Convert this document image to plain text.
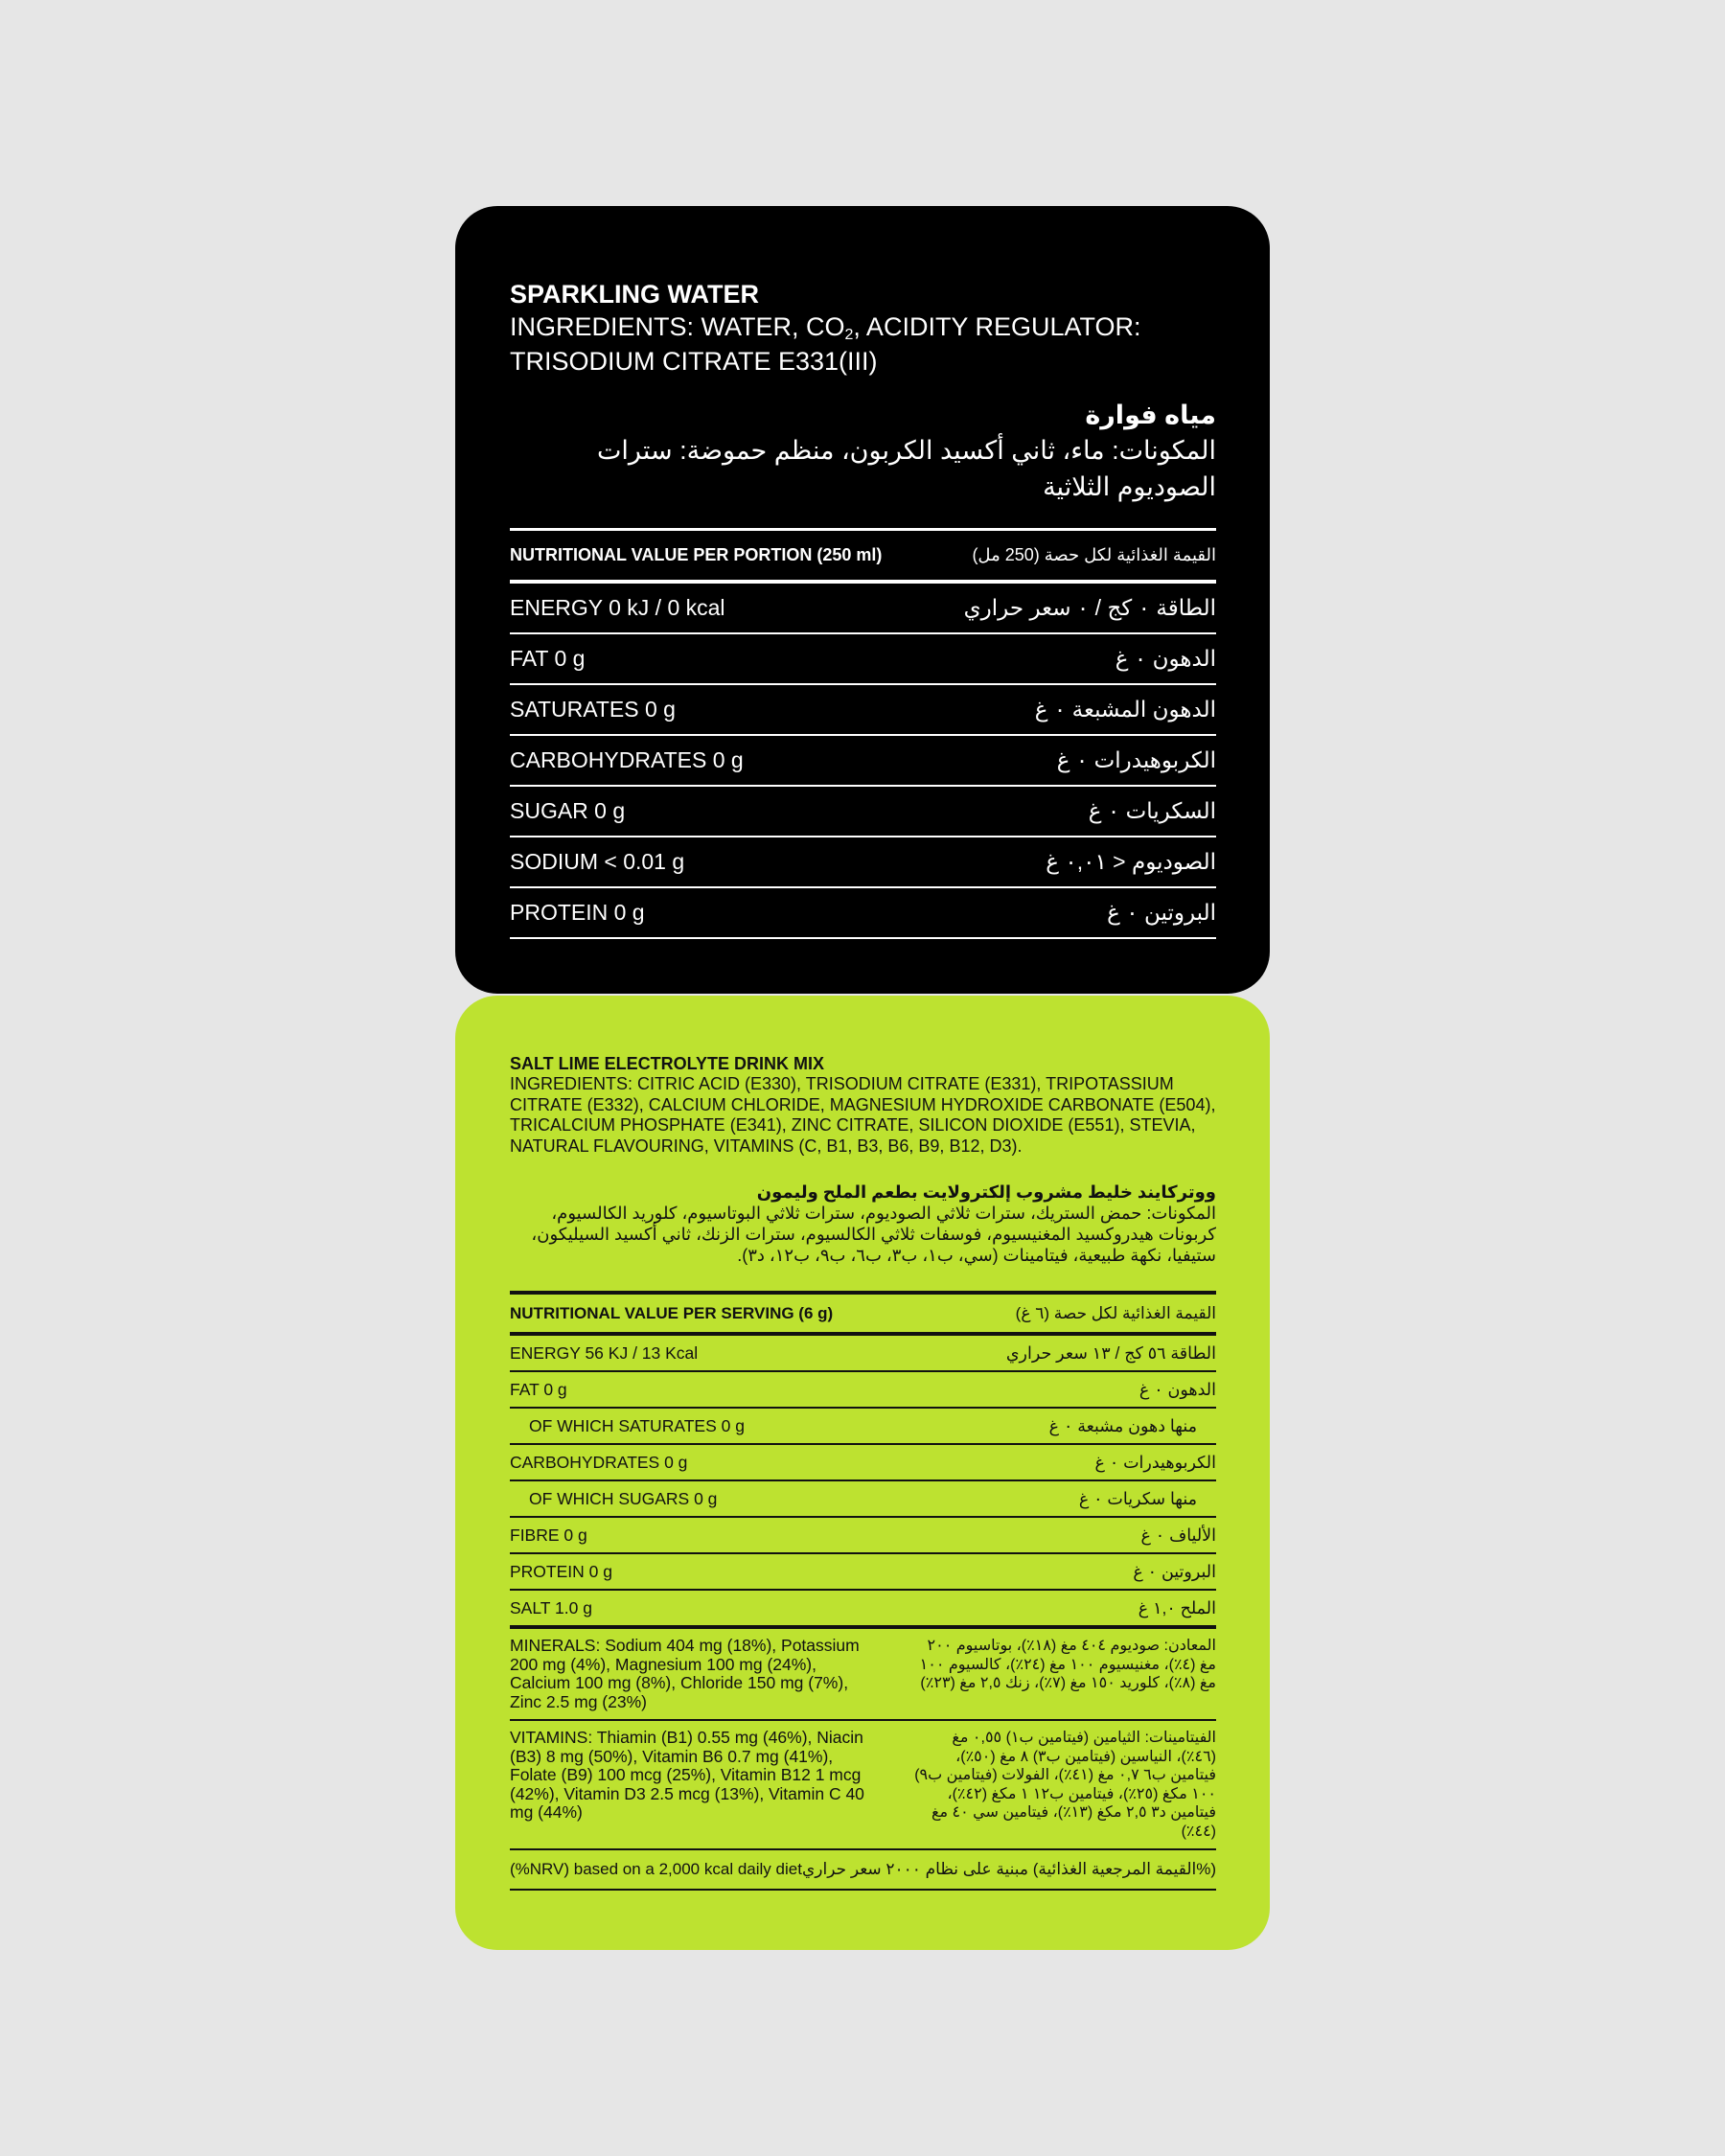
SPARKLING WATER
INGREDIENTS: WATER, $CO_2$, ACIDITY REGULATOR: TRISODIUM CITRATE E331(III)
مياه فوارة
المكونات: ماء، ثاني أكسيد الكربون، منظم حموضة: سترات الصوديوم الثلاثية
NUTRITIONAL VALUE PER PORTION (250 ml)	القيمة الغذائية لكل حصة (250 مل)
ENERGY 0 kJ / 0 kcal	الطاقة ٠ كج / ٠ سعر حراري
FAT 0 g	الدهون ٠ غ
SATURATES 0 g	الدهون المشبعة ٠ غ
CARBOHYDRATES 0 g	الكربوهيدرات ٠ غ
SUGAR 0 g	السكريات ٠ غ
SODIUM < 0.01 g	الصوديوم < ٠,٠١ غ
PROTEIN 0 g	البروتين ٠ غ
SALT LIME ELECTROLYTE DRINK MIX
INGREDIENTS: CITRIC ACID (E330), TRISODIUM CITRATE (E331), TRIPOTASSIUM CITRATE (E332), CALCIUM CHLORIDE, MAGNESIUM HYDROXIDE CARBONATE (E504), TRICALCIUM PHOSPHATE (E341), ZINC CITRATE, SILICON DIOXIDE (E551), STEVIA, NATURAL FLAVOURING, VITAMINS (C, B1, B3, B6, B9, B12, D3).
ووتركايند خليط مشروب إلكترولايت بطعم الملح وليمون
المكونات: حمض الستريك، سترات ثلاثي الصوديوم، سترات ثلاثي البوتاسيوم، كلوريد الكالسيوم، كربونات هيدروكسيد المغنيسيوم، فوسفات ثلاثي الكالسيوم، سترات الزنك، ثاني أكسيد السيليكون، ستيفيا، نكهة طبيعية، فيتامينات (سي، ب١، ب٣، ب٦، ب٩، ب١٢، د٣).
NUTRITIONAL VALUE PER SERVING (6 g)	القيمة الغذائية لكل حصة (٦ غ)
ENERGY 56 KJ / 13 Kcal	الطاقة ٥٦ كج / ١٣ سعر حراري
FAT 0 g	الدهون ٠ غ
OF WHICH SATURATES 0 g	منها دهون مشبعة ٠ غ
CARBOHYDRATES 0 g	الكربوهيدرات ٠ غ
OF WHICH SUGARS 0 g	منها سكريات ٠ غ
FIBRE 0 g	الألياف ٠ غ
PROTEIN 0 g	البروتين ٠ غ
SALT 1.0 g	الملح ١,٠ غ
MINERALS: Sodium 404 mg (18%), Potassium 200 mg (4%), Magnesium 100 mg (24%), Calcium 100 mg (8%), Chloride 150 mg (7%), Zinc 2.5 mg (23%)
المعادن: صوديوم ٤٠٤ مغ (١٨٪)، بوتاسيوم ٢٠٠ مغ (٤٪)، مغنيسيوم ١٠٠ مغ (٢٤٪)، كالسيوم ١٠٠ مغ (٨٪)، كلوريد ١٥٠ مغ (٧٪)، زنك ٢,٥ مغ (٢٣٪)
VITAMINS: Thiamin (B1) 0.55 mg (46%), Niacin (B3) 8 mg (50%), Vitamin B6 0.7 mg (41%), Folate (B9) 100 mcg (25%), Vitamin B12 1 mcg (42%), Vitamin D3 2.5 mcg (13%), Vitamin C 40 mg (44%)
الفيتامينات: الثيامين (فيتامين ب١) ٠,٥٥ مغ (٤٦٪)، النياسين (فيتامين ب٣) ٨ مغ (٥٠٪)، فيتامين ب٦ ٠,٧ مغ (٤١٪)، الفولات (فيتامين ب٩) ١٠٠ مكغ (٢٥٪)، فيتامين ب١٢ ١ مكغ (٤٢٪)، فيتامين د٣ ٢,٥ مكغ (١٣٪)، فيتامين سي ٤٠ مغ (٤٤٪)
(%NRV) based on a 2,000 kcal daily diet (%القيمة المرجعية الغذائية) مبنية على نظام ٢٠٠٠ سعر حراري
